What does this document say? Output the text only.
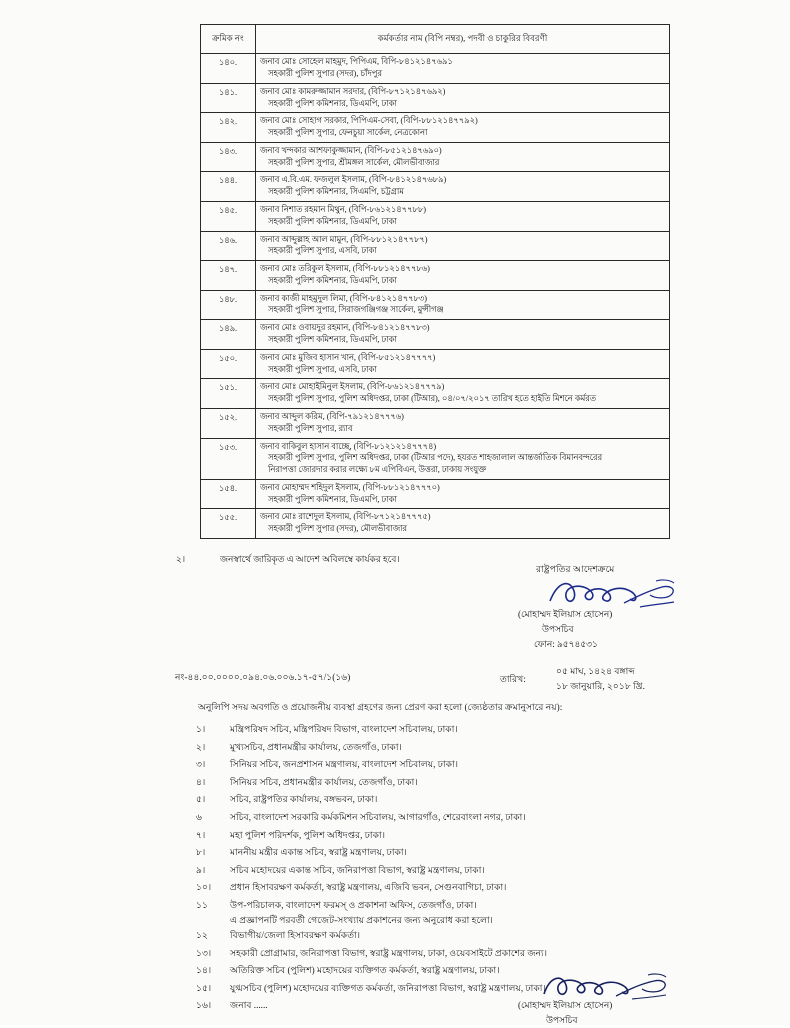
ক্রমিক নং	কর্মকর্তার নাম (বিপি নম্বর), পদবী ও চাকুরির বিবরণী

১৪০.	জনাব মোঃ সোহেল মাহমুদ, পিপিএম, বিপি-৮৪১২১৪৭৬৯১
সহকারী পুলিশ সুপার (সদর), চাঁদপুর

১৪১.	জনাব মোঃ কামরুজ্জামান সরদার, (বিপি-৮৭১২১৪৭৬৯২)
সহকারী পুলিশ কমিশনার, ডিএমপি, ঢাকা

১৪২.	জনাব মোঃ সোহাগ সরকার, পিপিএম-সেবা, (বিপি-৮৮১২১৪৭৭৯২)
সহকারী পুলিশ সুপার, ফেনচুয়া সার্কেল, নেত্রকোনা

১৪৩.	জনাব খন্দকার আশফাকুজ্জামান, (বিপি-৮৫১২১৪৭৬৯০)
সহকারী পুলিশ সুপার, শ্রীমঙ্গল সার্কেল, মৌলভীবাজার

১৪৪.	জনাব এ.বি.এম. ফজলুল ইসলাম, (বিপি-৮৪১২১৪৭৬৮৯)
সহকারী পুলিশ কমিশনার, সিএমপি, চট্টগ্রাম

১৪৫.	জনাব নিশাত রহমান মিথুন, (বিপি-৮৬১২১৪৭৭৮৮)
সহকারী পুলিশ কমিশনার, ডিএমপি, ঢাকা

১৪৬.	জনাব আব্দুল্লাহ আল মামুন, (বিপি-৮৮১২১৪৭৭৮৭)
সহকারী পুলিশ সুপার, এসবি, ঢাকা

১৪৭.	জনাব মোঃ তরিকুল ইসলাম, (বিপি-৮৮১২১৪৭৭৮৬)
সহকারী পুলিশ কমিশনার, ডিএমপি, ঢাকা

১৪৮.	জনাব কাজী মাহমুদুল লিমা, (বিপি-৮৪১২১৪৭৭৮৩)
সহকারী পুলিশ সুপার, সিরাজগঞ্জিগঞ্জ সার্কেল, মুন্সীগঞ্জ

১৪৯.	জনাব মোঃ ওবায়দুর রহমান, (বিপি-৮৪১২১৪৭৭৮৩)
সহকারী পুলিশ কমিশনার, ডিএমপি, ঢাকা

১৫০.	জনাব মোঃ মুজিব হাসান খান, (বিপি-৮৫১২১৪৭৭৭৭)
সহকারী পুলিশ সুপার, এসবি, ঢাকা

১৫১.	জনাব মোঃ মোহাইমিনুল ইসলাম, (বিপি-৮৬১২১৪৭৭৭৯)
সহকারী পুলিশ সুপার, পুলিশ অধিদপ্তর, ঢাকা (টিআর), ০৪/০৭/২০১৭ তারিখ হতে হাইতি মিশনে কর্মরত

১৫২.	জনাব আব্দুল করিম, (বিপি-৭৯১২১৪৭৭৭৬)
সহকারী পুলিশ সুপার, র‌্যাব

১৫৩.	জনাব বাকিবুল হাসান বাচ্ছে, (বিপি-৮১২১২১৪৭৭৭৪)
সহকারী পুলিশ সুপার, পুলিশ অধিদপ্তর, ঢাকা (টিআর পদে), হযরত শাহজালাল আন্তর্জাতিক বিমানবন্দরের
নিরাপত্তা জোরদার করার লক্ষ্যে ৮ম এপিবিএন, উত্তরা, ঢাকায় সংযুক্ত

১৫৪.	জনাব মোহাম্মদ শহিদুল ইসলাম, (বিপি-৮৮১২১৪৭৭৭০)
সহকারী পুলিশ কমিশনার, ডিএমপি, ঢাকা

১৫৫.	জনাব মোঃ রাশেদুল ইসলাম, (বিপি-৮৭১২১৪৭৭৭৫)
সহকারী পুলিশ সুপার (সদর), মৌলভীবাজার
২।	জনস্বার্থে জারিকৃত এ আদেশ অবিলম্বে কার্যকর হবে।
রাষ্ট্রপতির আদেশক্রমে
(মোহাম্মদ ইলিয়াস হোসেন)
উপসচিব
ফোন: ৯৫৭৪৫৩১
নং-৪৪.০০.০০০০.০৯৪.০৬.০০৬.১৭-৫৭/১(১৬)	তারিখ:
০৫ মাঘ, ১৪২৪ বঙ্গাব্দ
১৮ জানুয়ারি, ২০১৮ খ্রি.
অনুলিপি সদয় অবগতি ও প্রয়োজনীয় ব্যবস্থা গ্রহণের জন্য প্রেরণ করা হলো (জ্যেষ্ঠতার ক্রমানুসারে নয়):
১।	মন্ত্রিপরিষদ সচিব, মন্ত্রিপরিষদ বিভাগ, বাংলাদেশ সচিবালয়, ঢাকা।
২।	মুখ্যসচিব, প্রধানমন্ত্রীর কার্যালয়, তেজগাঁও, ঢাকা।
৩।	সিনিয়র সচিব, জনপ্রশাসন মন্ত্রণালয়, বাংলাদেশ সচিবালয়, ঢাকা।
৪।	সিনিয়র সচিব, প্রধানমন্ত্রীর কার্যালয়, তেজগাঁও, ঢাকা।
৫।	সচিব, রাষ্ট্রপতির কার্যালয়, বঙ্গভবন, ঢাকা।
৬	সচিব, বাংলাদেশ সরকারি কর্মকমিশন সচিবালয়, আগারগাঁও, শেরেবাংলা নগর, ঢাকা।
৭।	মহা পুলিশ পরিদর্শক, পুলিশ অধিদপ্তর, ঢাকা।
৮।	মাননীয় মন্ত্রীর একান্ত সচিব, স্বরাষ্ট্র মন্ত্রণালয়, ঢাকা।
৯।	সচিব মহোদয়ের একান্ত সচিব, জনিরাপত্তা বিভাগ, স্বরাষ্ট্র মন্ত্রণালয়, ঢাকা।
১০।	প্রধান হিসাবরক্ষণ কর্মকর্তা, স্বরাষ্ট্র মন্ত্রণালয়, এজিবি ভবন, সেগুনবাগিচা, ঢাকা।
১১	উপ-পরিচালক, বাংলাদেশ ফরমস্ ও প্রকাশনা অফিস, তেজগাঁও, ঢাকা।
এ প্রজ্ঞাপনটি পরবর্তী গেজেট-সংখ্যায় প্রকাশনের জন্য অনুরোধ করা হলো।
১২	বিভাগীয়/জেলা হিসাবরক্ষণ কর্মকর্তা।
১৩।	সহকারী প্রোগ্রামার, জনিরাপত্তা বিভাগ, স্বরাষ্ট্র মন্ত্রণালয়, ঢাকা, ওয়েবসাইটে প্রকাশের জন্য।
১৪।	অতিরিক্ত সচিব (পুলিশ) মহোদয়ের ব্যক্তিগত কর্মকর্তা, স্বরাষ্ট্র মন্ত্রণালয়, ঢাকা।
১৫।	যুগ্মসচিব (পুলিশ) মহোদয়ের ব্যক্তিগত কর্মকর্তা, জনিরাপত্তা বিভাগ, স্বরাষ্ট্র মন্ত্রণালয়, ঢাকা।
১৬।	জনাব ......	(মোহাম্মদ ইলিয়াস হোসেন)
উপসচিব
